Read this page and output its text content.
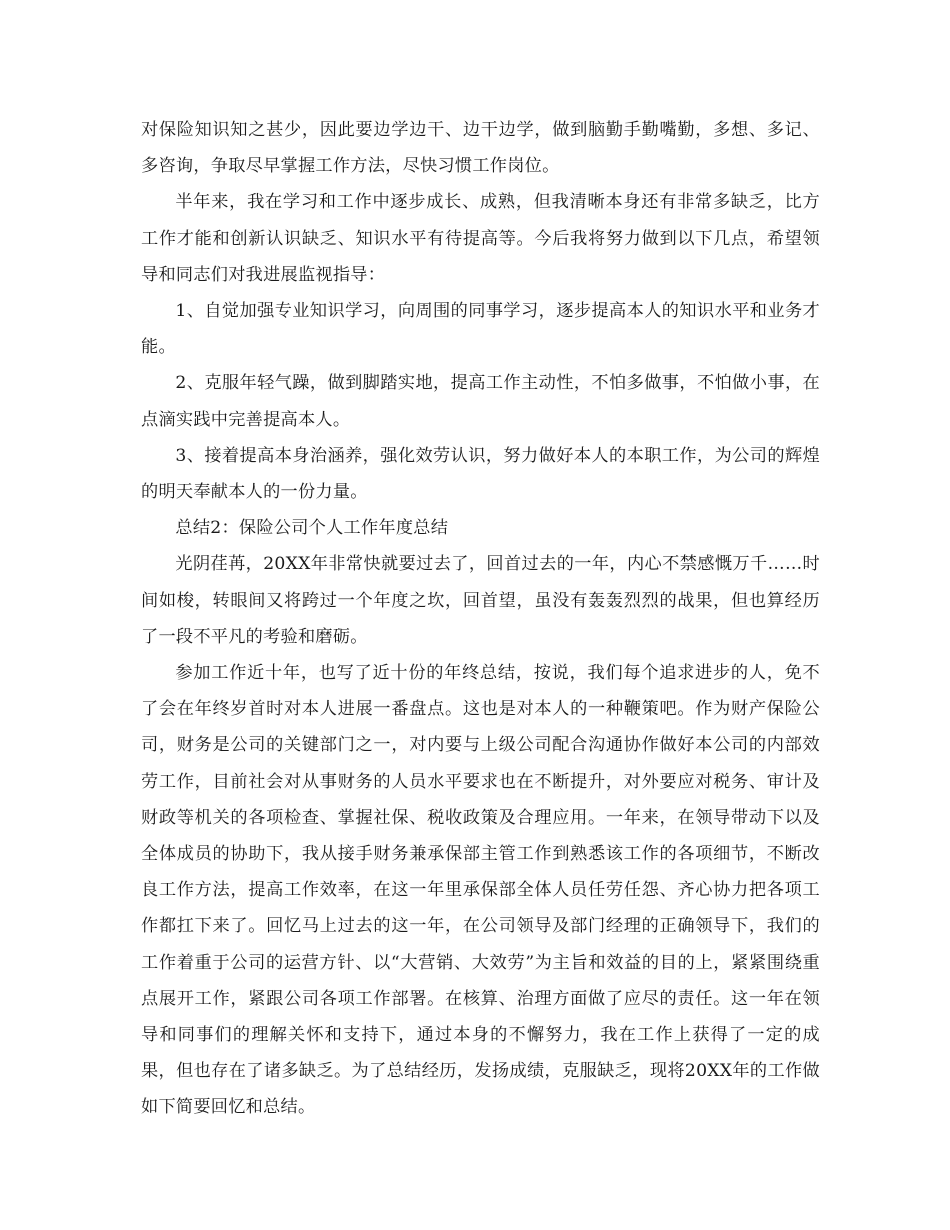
对保险知识知之甚少，因此要边学边干、边干边学，做到脑勤手勤嘴勤，多想、多记、多咨询，争取尽早掌握工作方法，尽快习惯工作岗位。

半年来，我在学习和工作中逐步成长、成熟，但我清晰本身还有非常多缺乏，比方工作才能和创新认识缺乏、知识水平有待提高等。今后我将努力做到以下几点，希望领导和同志们对我进展监视指导：

1、自觉加强专业知识学习，向周围的同事学习，逐步提高本人的知识水平和业务才能。

2、克服年轻气躁，做到脚踏实地，提高工作主动性，不怕多做事，不怕做小事，在点滴实践中完善提高本人。

3、接着提高本身治涵养，强化效劳认识，努力做好本人的本职工作，为公司的辉煌的明天奉献本人的一份力量。

总结2：保险公司个人工作年度总结

光阴荏苒，20XX年非常快就要过去了，回首过去的一年，内心不禁感慨万千……时间如梭，转眼间又将跨过一个年度之坎，回首望，虽没有轰轰烈烈的战果，但也算经历了一段不平凡的考验和磨砺。

参加工作近十年，也写了近十份的年终总结，按说，我们每个追求进步的人，免不了会在年终岁首时对本人进展一番盘点。这也是对本人的一种鞭策吧。作为财产保险公司，财务是公司的关键部门之一，对内要与上级公司配合沟通协作做好本公司的内部效劳工作，目前社会对从事财务的人员水平要求也在不断提升，对外要应对税务、审计及财政等机关的各项检查、掌握社保、税收政策及合理应用。一年来，在领导带动下以及全体成员的协助下，我从接手财务兼承保部主管工作到熟悉该工作的各项细节，不断改良工作方法，提高工作效率，在这一年里承保部全体人员任劳任怨、齐心协力把各项工作都扛下来了。回忆马上过去的这一年，在公司领导及部门经理的正确领导下，我们的工作着重于公司的运营方针、以“大营销、大效劳”为主旨和效益的目的上，紧紧围绕重点展开工作，紧跟公司各项工作部署。在核算、治理方面做了应尽的责任。这一年在领导和同事们的理解关怀和支持下，通过本身的不懈努力，我在工作上获得了一定的成果，但也存在了诸多缺乏。为了总结经历，发扬成绩，克服缺乏，现将20XX年的工作做如下简要回忆和总结。
